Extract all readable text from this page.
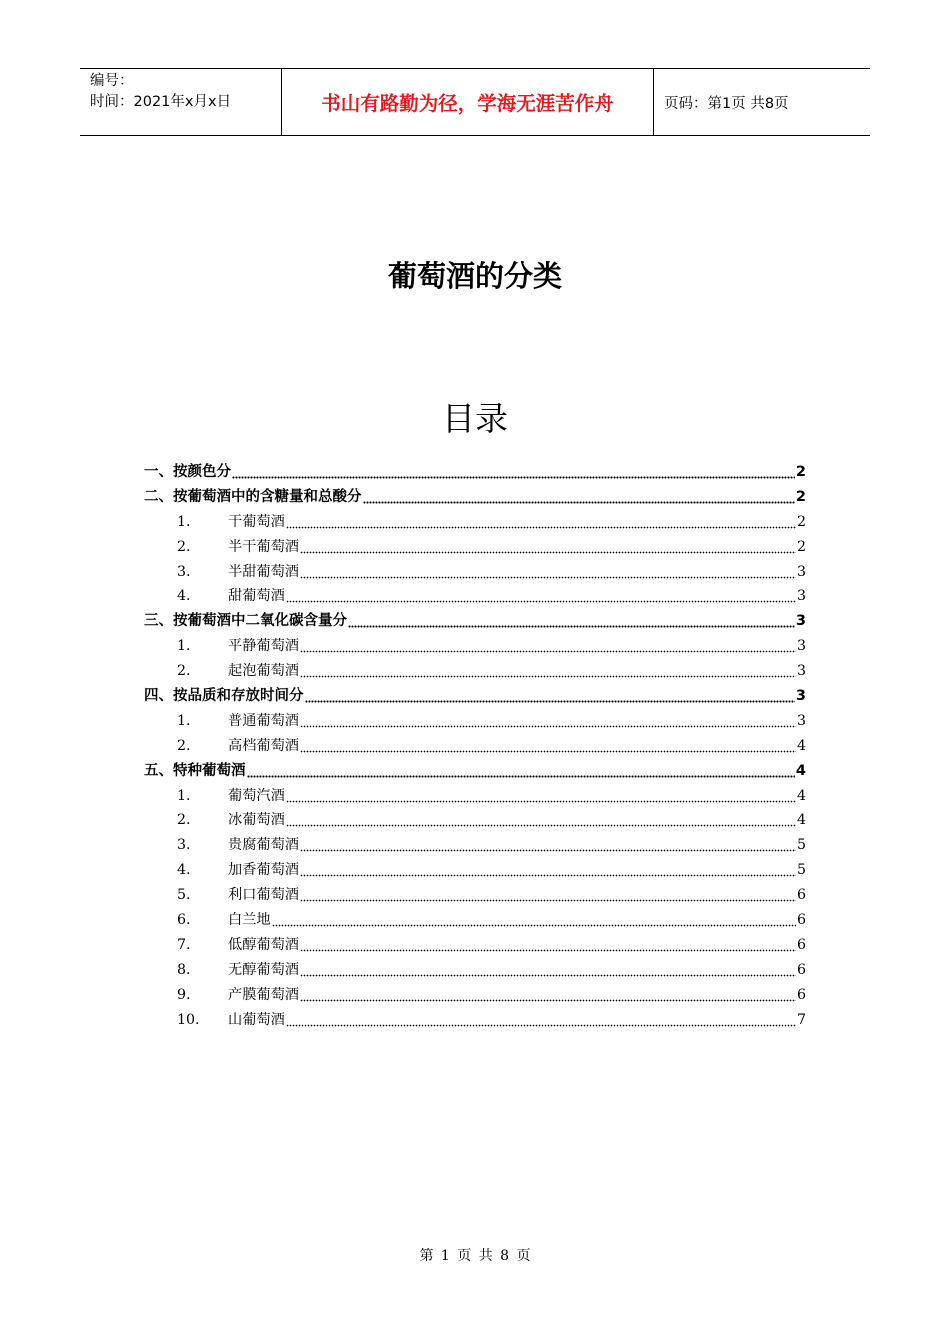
编号：
时间：2021年x月x日	书山有路勤为径，学海无涯苦作舟	页码：第1页 共8页
葡萄酒的分类
目录
一、按颜色分	2
二、按葡萄酒中的含糖量和总酸分	2
1.	干葡萄酒	2
2.	半干葡萄酒	2
3.	半甜葡萄酒	3
4.	甜葡萄酒	3
三、按葡萄酒中二氧化碳含量分	3
1.	平静葡萄酒	3
2.	起泡葡萄酒	3
四、按品质和存放时间分	3
1.	普通葡萄酒	3
2.	高档葡萄酒	4
五、特种葡萄酒	4
1.	葡萄汽酒	4
2.	冰葡萄酒	4
3.	贵腐葡萄酒	5
4.	加香葡萄酒	5
5.	利口葡萄酒	6
6.	白兰地	6
7.	低醇葡萄酒	6
8.	无醇葡萄酒	6
9.	产膜葡萄酒	6
10.	山葡萄酒	7
第 1 页 共 8 页
